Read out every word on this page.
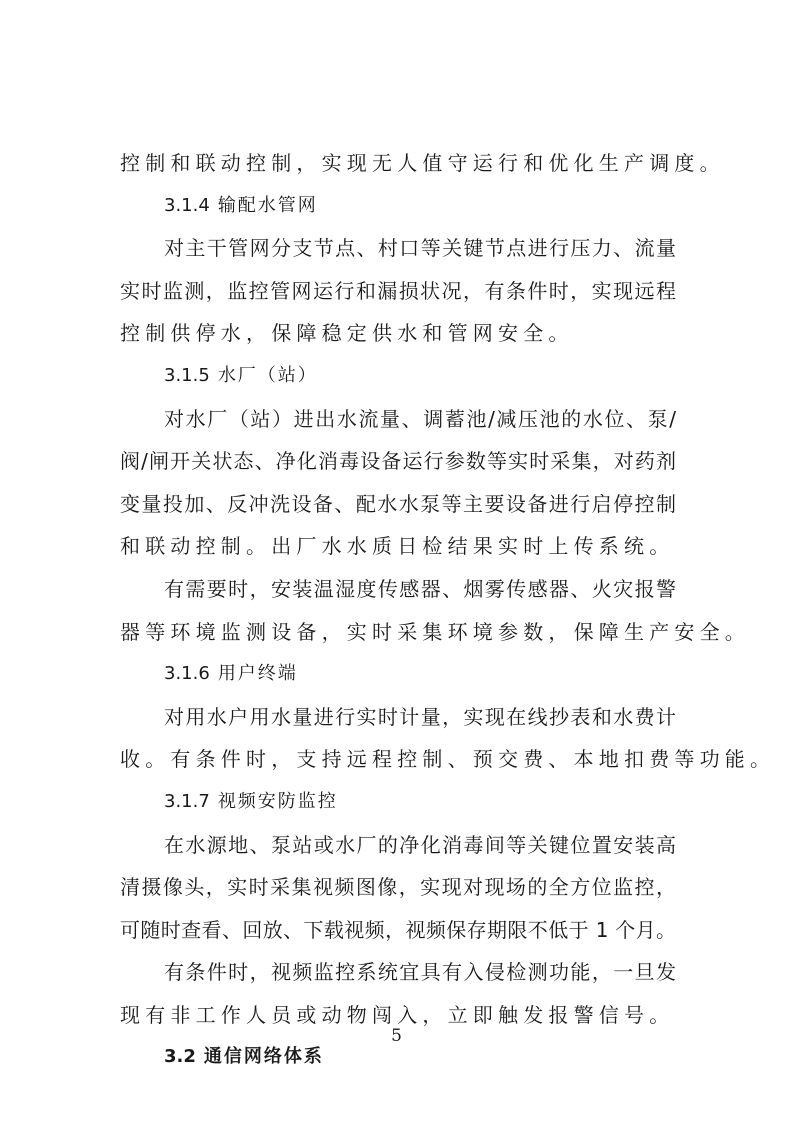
控制和联动控制，实现无人值守运行和优化生产调度。
3.1.4 输配水管网
对主干管网分支节点、村口等关键节点进行压力、流量
实时监测，监控管网运行和漏损状况，有条件时，实现远程
控制供停水，保障稳定供水和管网安全。
3.1.5 水厂（站）
对水厂（站）进出水流量、调蓄池/减压池的水位、泵/
阀/闸开关状态、净化消毒设备运行参数等实时采集，对药剂
变量投加、反冲洗设备、配水水泵等主要设备进行启停控制
和联动控制。出厂水水质日检结果实时上传系统。
有需要时，安装温湿度传感器、烟雾传感器、火灾报警
器等环境监测设备，实时采集环境参数，保障生产安全。
3.1.6 用户终端
对用水户用水量进行实时计量，实现在线抄表和水费计
收。有条件时，支持远程控制、预交费、本地扣费等功能。
3.1.7 视频安防监控
在水源地、泵站或水厂的净化消毒间等关键位置安装高
清摄像头，实时采集视频图像，实现对现场的全方位监控，
可随时查看、回放、下载视频，视频保存期限不低于 1 个月。
有条件时，视频监控系统宜具有入侵检测功能，一旦发
现有非工作人员或动物闯入，立即触发报警信号。
3.2 通信网络体系
5
